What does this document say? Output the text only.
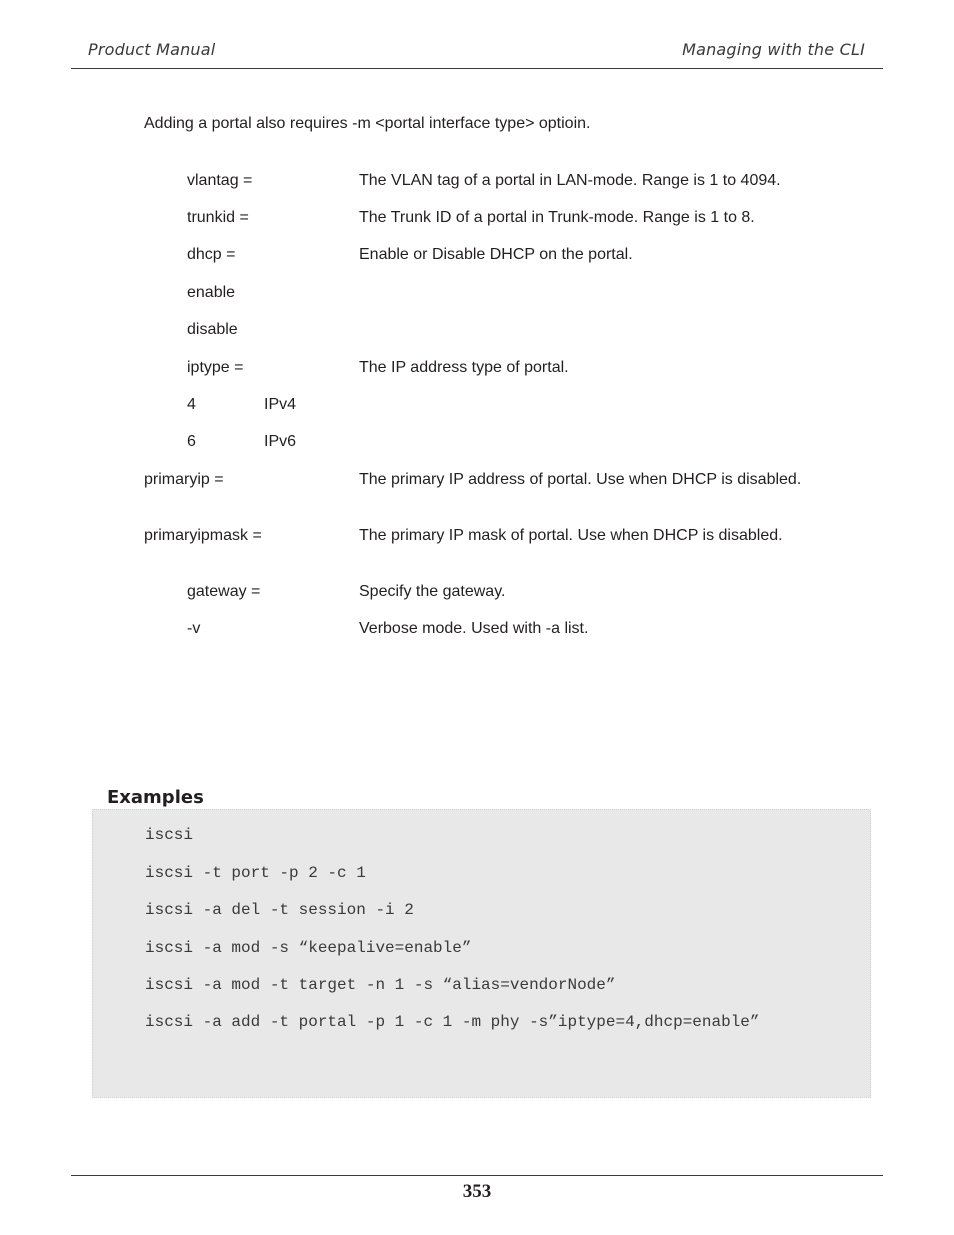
Product Manual	Managing with the CLI
Adding a portal also requires -m <portal interface type> optioin.
vlantag =	The VLAN tag of a portal in LAN-mode. Range is 1 to 4094.
trunkid =	The Trunk ID of a portal in Trunk-mode. Range is 1 to 8.
dhcp =	Enable or Disable DHCP on the portal.
enable
disable
iptype =	The IP address type of portal.
4	IPv4
6	IPv6
primaryip =	The primary IP address of portal. Use when DHCP is disabled.
primaryipmask =	The primary IP mask of portal. Use when DHCP is disabled.
gateway =	Specify the gateway.
-v	Verbose mode. Used with -a list.
Examples
iscsi
iscsi -t port -p 2 -c 1
iscsi -a del -t session -i 2
iscsi -a mod -s “keepalive=enable”
iscsi -a mod -t target -n 1 -s “alias=vendorNode”
iscsi -a add -t portal -p 1 -c 1 -m phy -s”iptype=4,dhcp=enable”
353
